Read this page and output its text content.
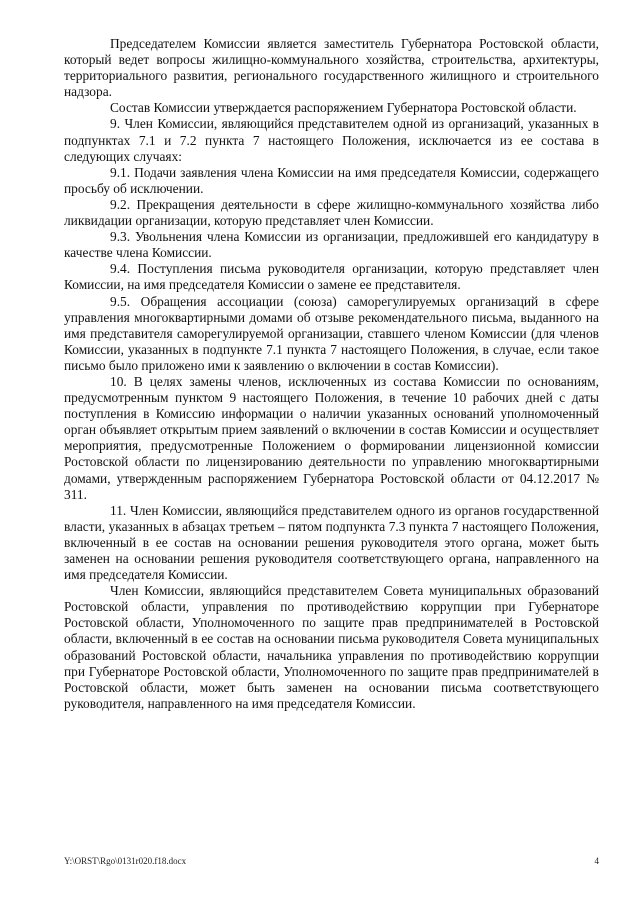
Председателем Комиссии является заместитель Губернатора Ростовской области, который ведет вопросы жилищно-коммунального хозяйства, строительства, архитектуры, территориального развития, регионального государственного жилищного и строительного надзора.

Состав Комиссии утверждается распоряжением Губернатора Ростовской области.

9. Член Комиссии, являющийся представителем одной из организаций, указанных в подпунктах 7.1 и 7.2 пункта 7 настоящего Положения, исключается из ее состава в следующих случаях:

9.1. Подачи заявления члена Комиссии на имя председателя Комиссии, содержащего просьбу об исключении.

9.2. Прекращения деятельности в сфере жилищно-коммунального хозяйства либо ликвидации организации, которую представляет член Комиссии.

9.3. Увольнения члена Комиссии из организации, предложившей его кандидатуру в качестве члена Комиссии.

9.4. Поступления письма руководителя организации, которую представляет член Комиссии, на имя председателя Комиссии о замене ее представителя.

9.5. Обращения ассоциации (союза) саморегулируемых организаций в сфере управления многоквартирными домами об отзыве рекомендательного письма, выданного на имя представителя саморегулируемой организации, ставшего членом Комиссии (для членов Комиссии, указанных в подпункте 7.1 пункта 7 настоящего Положения, в случае, если такое письмо было приложено ими к заявлению о включении в состав Комиссии).

10. В целях замены членов, исключенных из состава Комиссии по основаниям, предусмотренным пунктом 9 настоящего Положения, в течение 10 рабочих дней с даты поступления в Комиссию информации о наличии указанных оснований уполномоченный орган объявляет открытым прием заявлений о включении в состав Комиссии и осуществляет мероприятия, предусмотренные Положением о формировании лицензионной комиссии Ростовской области по лицензированию деятельности по управлению многоквартирными домами, утвержденным распоряжением Губернатора Ростовской области от 04.12.2017 № 311.

11. Член Комиссии, являющийся представителем одного из органов государственной власти, указанных в абзацах третьем – пятом подпункта 7.3 пункта 7 настоящего Положения, включенный в ее состав на основании решения руководителя этого органа, может быть заменен на основании решения руководителя соответствующего органа, направленного на имя председателя Комиссии.

Член Комиссии, являющийся представителем Совета муниципальных образований Ростовской области, управления по противодействию коррупции при Губернаторе Ростовской области, Уполномоченного по защите прав предпринимателей в Ростовской области, включенный в ее состав на основании письма руководителя Совета муниципальных образований Ростовской области, начальника управления по противодействию коррупции при Губернаторе Ростовской области, Уполномоченного по защите прав предпринимателей в Ростовской области, может быть заменен на основании письма соответствующего руководителя, направленного на имя председателя Комиссии.

Y:\ORST\Rgo\0131r020.f18.docx	4
